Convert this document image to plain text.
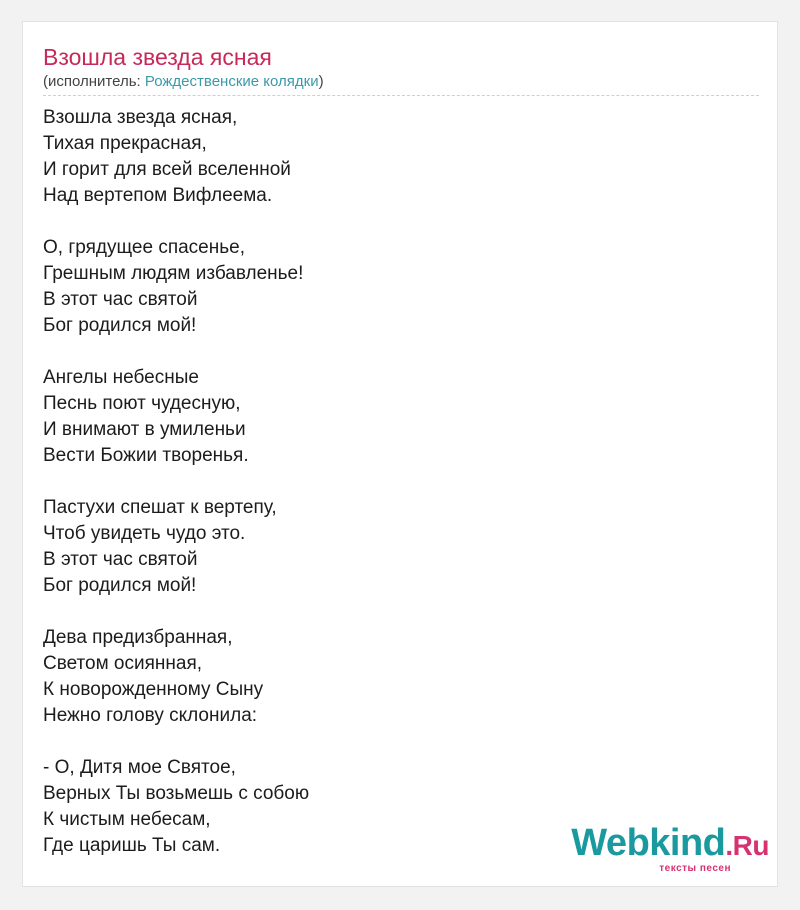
Взошла звезда ясная
(исполнитель: Рождественские колядки)
Взошла звезда ясная,
Тихая прекрасная,
И горит для всей вселенной
Над вертепом Вифлеема.
О, грядущее спасенье,
Грешным людям избавленье!
В этот час святой
Бог родился мой!
Ангелы небесные
Песнь поют чудесную,
И внимают в умиленьи
Вести Божии творенья.
Пастухи спешат к вертепу,
Чтоб увидеть чудо это.
В этот час святой
Бог родился мой!
Дева предизбранная,
Светом осиянная,
К новорожденному Сыну
Нежно голову склонила:
- О, Дитя мое Святое,
Верных Ты возьмешь с собою
К чистым небесам,
Где царишь Ты сам.	Webkind.Ru
тексты песен
